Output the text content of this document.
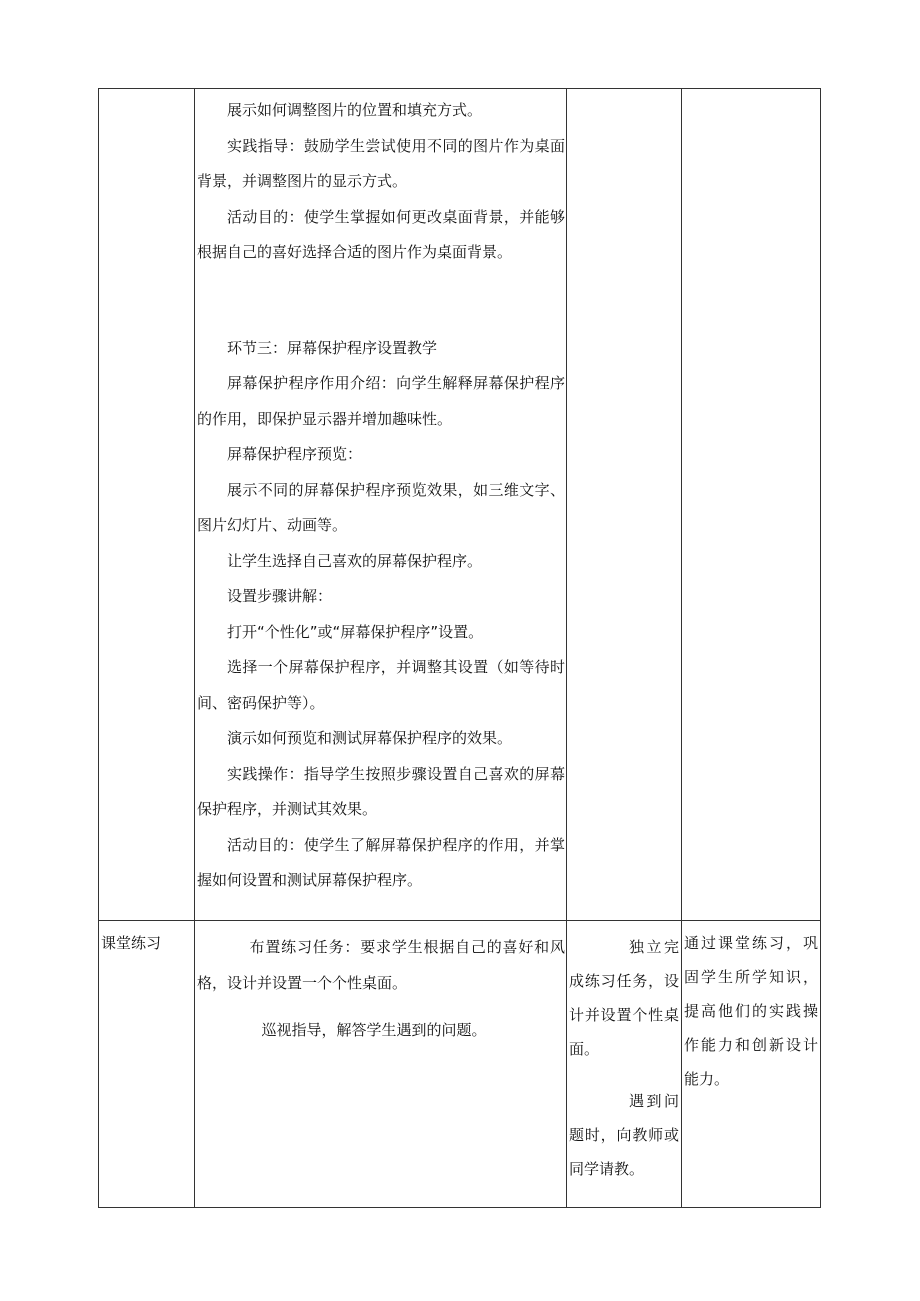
展示如何调整图片的位置和填充方式。

实践指导：鼓励学生尝试使用不同的图片作为桌面背景，并调整图片的显示方式。

活动目的：使学生掌握如何更改桌面背景，并能够根据自己的喜好选择合适的图片作为桌面背景。

环节三：屏幕保护程序设置教学

屏幕保护程序作用介绍：向学生解释屏幕保护程序的作用，即保护显示器并增加趣味性。

屏幕保护程序预览：

展示不同的屏幕保护程序预览效果，如三维文字、图片幻灯片、动画等。

让学生选择自己喜欢的屏幕保护程序。

设置步骤讲解：

打开“个性化”或“屏幕保护程序”设置。

选择一个屏幕保护程序，并调整其设置（如等待时间、密码保护等）。

演示如何预览和测试屏幕保护程序的效果。

实践操作：指导学生按照步骤设置自己喜欢的屏幕保护程序，并测试其效果。

活动目的：使学生了解屏幕保护程序的作用，并掌握如何设置和测试屏幕保护程序。

课堂练习	布置练习任务：要求学生根据自己的喜好和风格，设计并设置一个个性桌面。

巡视指导，解答学生遇到的问题。

独立完成练习任务，设计并设置个性桌面。

遇到问题时，向教师或同学请教。

通过课堂练习，巩固学生所学知识，提高他们的实践操作能力和创新设计能力。
